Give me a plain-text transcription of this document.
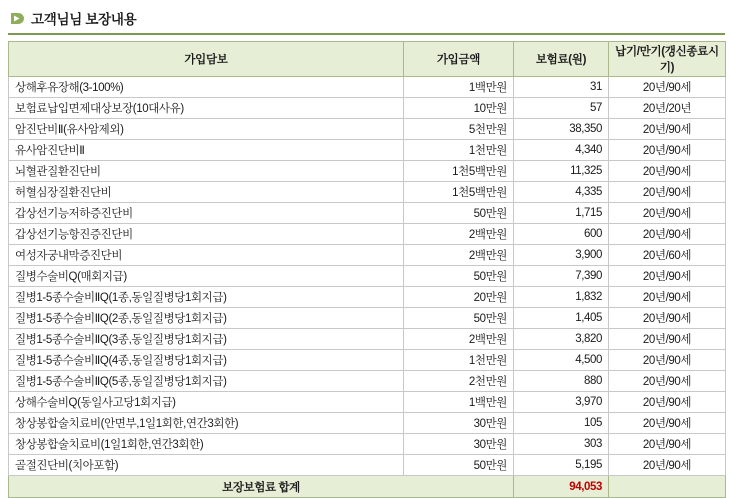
고객님님 보장내용
가입담보	가입금액	보험료(원)	납기/만기(갱신종료시기)
상해후유장해(3-100%)	1백만원	31	20년/90세
보험료납입면제대상보장(10대사유)	10만원	57	20년/20년
암진단비Ⅱ(유사암제외)	5천만원	38,350	20년/90세
유사암진단비Ⅱ	1천만원	4,340	20년/90세
뇌혈관질환진단비	1천5백만원	11,325	20년/90세
허혈심장질환진단비	1천5백만원	4,335	20년/90세
갑상선기능저하증진단비	50만원	1,715	20년/90세
갑상선기능항진증진단비	2백만원	600	20년/90세
여성자궁내막증진단비	2백만원	3,900	20년/60세
질병수술비Q(매회지급)	50만원	7,390	20년/90세
질병1-5종수술비ⅡQ(1종,동일질병당1회지급)	20만원	1,832	20년/90세
질병1-5종수술비ⅡQ(2종,동일질병당1회지급)	50만원	1,405	20년/90세
질병1-5종수술비ⅡQ(3종,동일질병당1회지급)	2백만원	3,820	20년/90세
질병1-5종수술비ⅡQ(4종,동일질병당1회지급)	1천만원	4,500	20년/90세
질병1-5종수술비ⅡQ(5종,동일질병당1회지급)	2천만원	880	20년/90세
상해수술비Q(동일사고당1회지급)	1백만원	3,970	20년/90세
창상봉합술치료비(안면부,1일1회한,연간3회한)	30만원	105	20년/90세
창상봉합술치료비(1일1회한,연간3회한)	30만원	303	20년/90세
골절진단비(치아포함)	50만원	5,195	20년/90세
보장보험료 합계		94,053	
